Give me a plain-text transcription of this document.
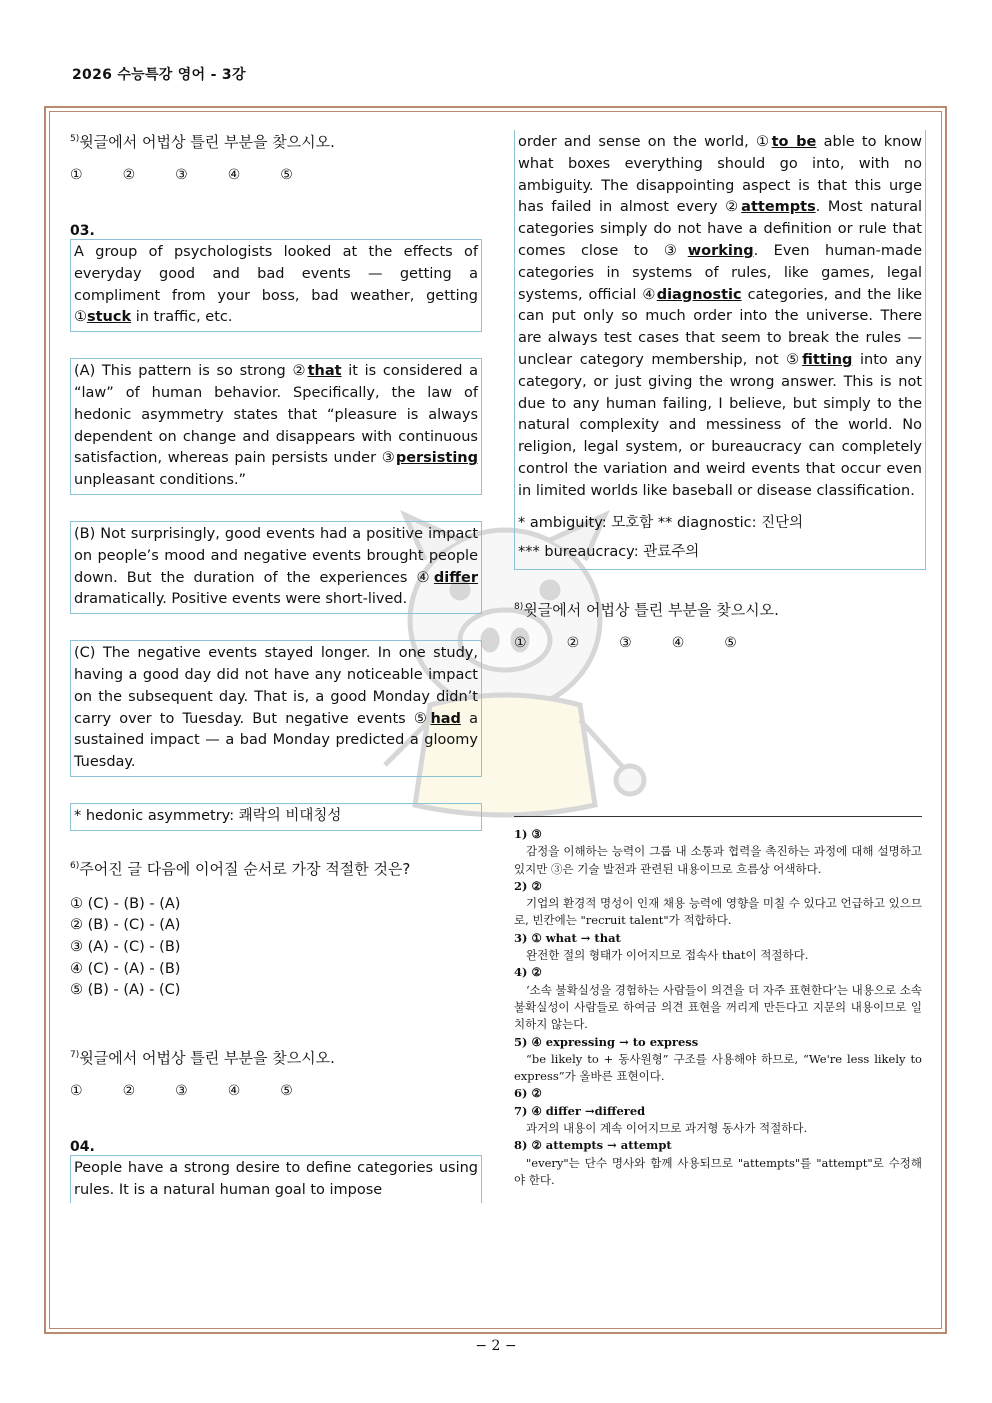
2026 수능특강 영어 - 3강

$^{5)}$윗글에서 어법상 틀린 부분을 찾으시오.

①	②	③	④	⑤
03.
A group of psychologists looked at the effects of everyday good and bad events — getting a compliment from your boss, bad weather, getting ①stuck in traffic, etc.
(A) This pattern is so strong ②that it is considered a “law” of human behavior. Specifically, the law of hedonic asymmetry states that “pleasure is always dependent on change and disappears with continuous satisfaction, whereas pain persists under ③persisting unpleasant conditions.”
(B) Not surprisingly, good events had a positive impact on people’s mood and negative events brought people down. But the duration of the experiences ④differ dramatically. Positive events were short-lived.
(C) The negative events stayed longer. In one study, having a good day did not have any noticeable impact on the subsequent day. That is, a good Monday didn’t carry over to Tuesday. But negative events ⑤had a sustained impact — a bad Monday predicted a gloomy Tuesday.
* hedonic asymmetry: 쾌락의 비대칭성

$^{6)}$주어진 글 다음에 이어질 순서로 가장 적절한 것은?

① (C) - (B) - (A)
② (B) - (C) - (A)
③ (A) - (C) - (B)
④ (C) - (A) - (B)
⑤ (B) - (A) - (C)

$^{7)}$윗글에서 어법상 틀린 부분을 찾으시오.

①	②	③	④	⑤
04.
People have a strong desire to define categories using rules. It is a natural human goal to impose
order and sense on the world, ①to be able to know what boxes everything should go into, with no ambiguity. The disappointing aspect is that this urge has failed in almost every ②attempts. Most natural categories simply do not have a definition or rule that comes close to ③working. Even human-made categories in systems of rules, like games, legal systems, official ④diagnostic categories, and the like can put only so much order into the universe. There are always test cases that seem to break the rules — unclear category membership, not ⑤fitting into any category, or just giving the wrong answer. This is not due to any human failing, I believe, but simply to the natural complexity and messiness of the world. No religion, legal system, or bureaucracy can completely control the variation and weird events that occur even in limited worlds like baseball or disease classification.
* ambiguity: 모호함 ** diagnostic: 진단의
*** bureaucracy: 관료주의

$^{8)}$윗글에서 어법상 틀린 부분을 찾으시오.

①	②	③	④	⑤

1) ③

감정을 이해하는 능력이 그룹 내 소통과 협력을 촉진하는 과정에 대해 설명하고 있지만 ③은 기술 발전과 관련된 내용이므로 흐름상 어색하다.

2) ②

기업의 환경적 명성이 인재 채용 능력에 영향을 미칠 수 있다고 언급하고 있으므로, 빈칸에는 "recruit talent"가 적합하다.

3) ① what → that

완전한 절의 형태가 이어지므로 접속사 that이 적절하다.

4) ②

‘소속 불확실성을 경험하는 사람들이 의견을 더 자주 표현한다’는 내용으로 소속 불확실성이 사람들로 하여금 의견 표현을 꺼리게 만든다고 지문의 내용이므로 일치하지 않는다.

5) ④ expressing → to express

“be likely to + 동사원형” 구조를 사용해야 하므로, “We're less likely to express”가 올바른 표현이다.

6) ②

7) ④ differ →differed

과거의 내용이 계속 이어지므로 과거형 동사가 적절하다.

8) ② attempts → attempt

"every"는 단수 명사와 함께 사용되므로 "attempts"를 "attempt"로 수정해야 한다.

− 2 −
